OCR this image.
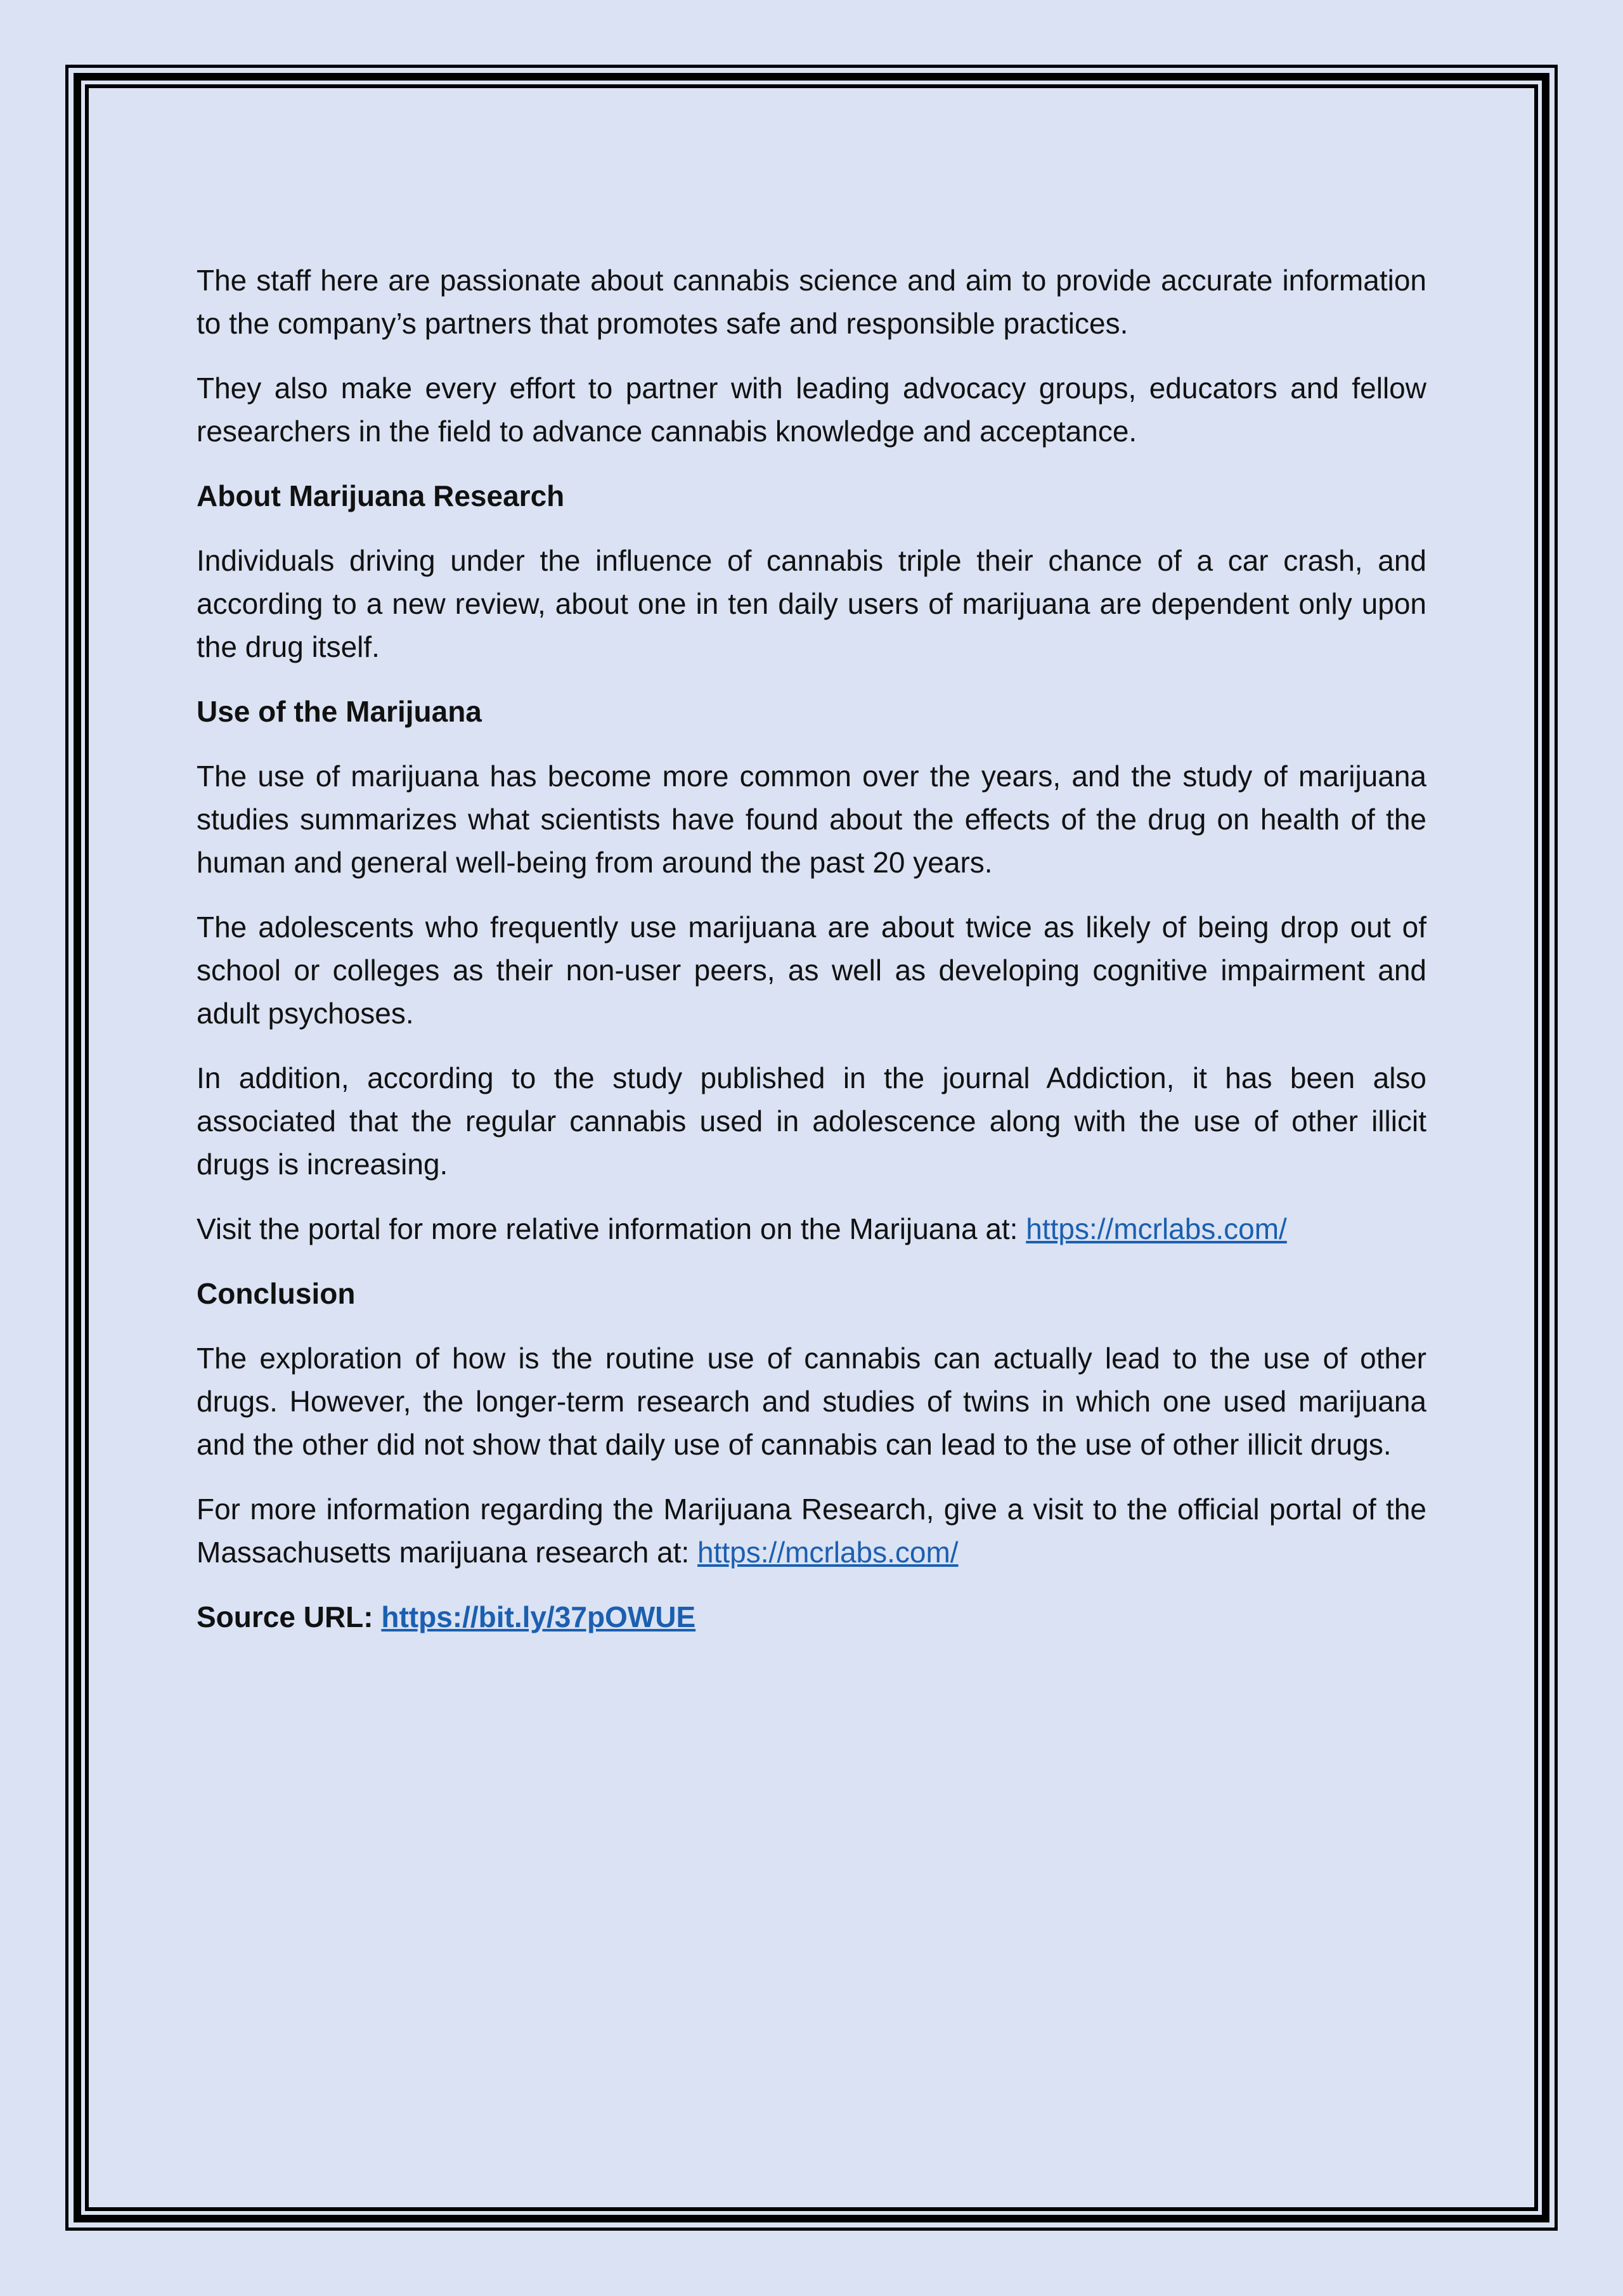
The staff here are passionate about cannabis science and aim to provide accurate information to the company’s partners that promotes safe and responsible practices.

They also make every effort to partner with leading advocacy groups, educators and fellow researchers in the field to advance cannabis knowledge and acceptance.

About Marijuana Research

Individuals driving under the influence of cannabis triple their chance of a car crash, and according to a new review, about one in ten daily users of marijuana are dependent only upon the drug itself.

Use of the Marijuana

The use of marijuana has become more common over the years, and the study of marijuana studies summarizes what scientists have found about the effects of the drug on health of the human and general well-being from around the past 20 years.

The adolescents who frequently use marijuana are about twice as likely of being drop out of school or colleges as their non-user peers, as well as developing cognitive impairment and adult psychoses.

In addition, according to the study published in the journal Addiction, it has been also associated that the regular cannabis used in adolescence along with the use of other illicit drugs is increasing.

Visit the portal for more relative information on the Marijuana at: https://mcrlabs.com/

Conclusion

The exploration of how is the routine use of cannabis can actually lead to the use of other drugs. However, the longer-term research and studies of twins in which one used marijuana and the other did not show that daily use of cannabis can lead to the use of other illicit drugs.

For more information regarding the Marijuana Research, give a visit to the official portal of the Massachusetts marijuana research at: https://mcrlabs.com/

Source URL: https://bit.ly/37pOWUE
